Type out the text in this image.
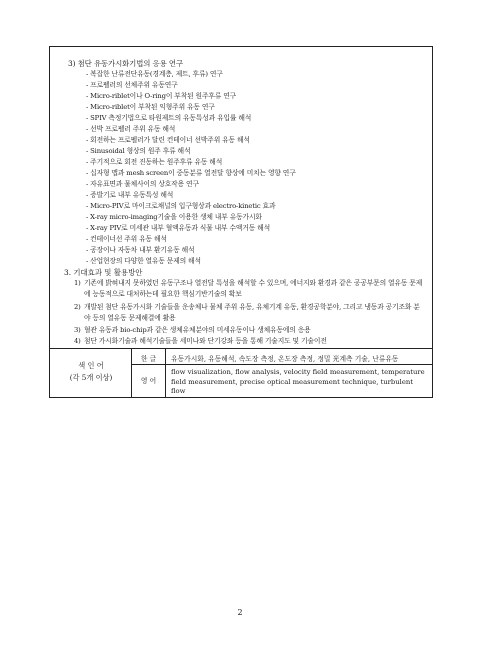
3) 첨단 유동가시화기법의 응용 연구
- 복잡한 난류전단유동(경계층, 제트, 후류) 연구
- 프로펠러의 선체주위 유동연구
- Micro-riblet이나 O-ring이 부착된 원주후류 연구
- Micro-riblet이 부착된 익형주위 유동 연구
- SPIV 측정기법으로 타원제트의 유동특성과 유입률 해석
- 선박 프로펠러 주위 유동 해석
- 회전하는 프로펠러가 달린 컨테이너 선박주위 유동 해석
- Sinusoidal 형상의 원주 후류 해석
- 주기적으로 회전 진동하는 원주후류 유동 해석
- 십자형 맵과 mesh screen이 중동분류 열전달 향상에 미치는 영향 연구
- 자유표면과 물체사이의 상호작용 연구
- 증발기로 내부 유동특성 해석
- Micro-PIV로 마이크로채널의 입구형상과 electro-kinetic 효과
- X-ray micro-imaging기술을 이용한 생체 내부 유동가시화
- X-ray PIV로 미세관 내부 혈액유동과 식물 내부 수액거동 해석
- 컨테이너선 주위 유동 해석
- 공장이나 자동차 내부 환기유동 해석
- 산업현장의 다양한 열유동 문제의 해석
3. 기대효과 및 활용방안
1) 기존에 밝혀내지 못하였던 유동구조나 열전달 특성을 해석할 수 있으며, 에너지와 환경과 같은 공공부문의 열유동 문제에 능동적으로 대처하는데 필요한 핵심기반기술의 확보
2) 개발된 첨단 유동가시화 기술들을 운송체나 물체 주위 유동, 유체기계 유동, 환경공학분야, 그리고 냉동과 공기조화 분야 등의 열유동 문제해결에 활용
3) 혈관 유동과 bio-chip과 같은 생체유체분야의 미세유동이나 생체유동에의 응용
4) 첨단 가시화기술과 해석기술들을 세미나와 단기강좌 등을 통해 기술지도 및 기술이전
색 인 어
(각 5개 이상)
한 글
영 어
유동가시화, 유동해석, 속도장 측정, 온도장 측정, 정밀 光계측 기술, 난류유동
flow visualization, flow analysis, velocity field measurement, temperature field measurement, precise optical measurement technique, turbulent flow
2
